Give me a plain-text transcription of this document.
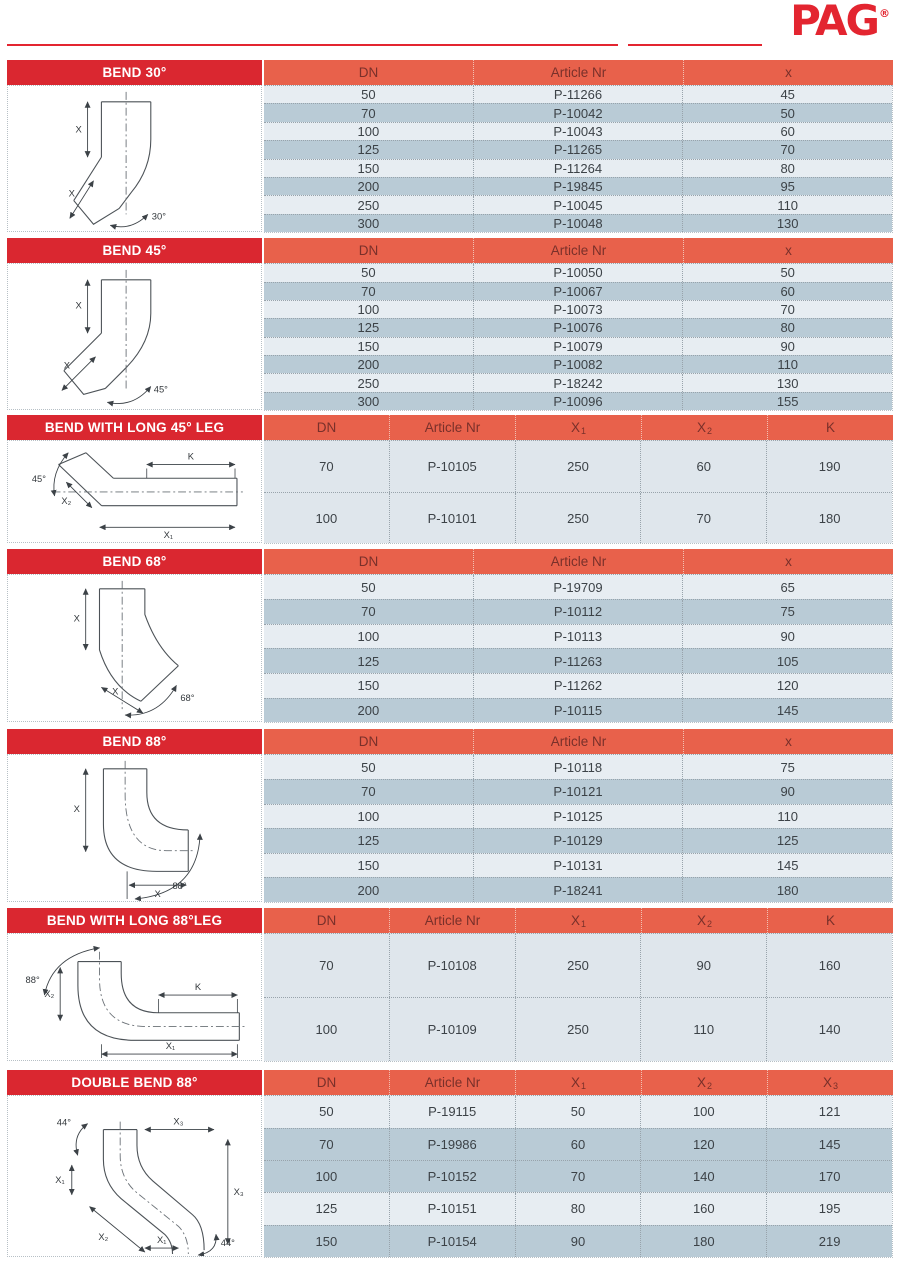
PAG®
BEND 30°	DN	Article Nr	x
X
X
30°
50	P-11266	45
70	P-10042	50
100	P-10043	60
125	P-11265	70
150	P-11264	80
200	P-19845	95
250	P-10045	110
300	P-10048	130
BEND 45°	DN	Article Nr	x
X
X
45°
50	P-10050	50
70	P-10067	60
100	P-10073	70
125	P-10076	80
150	P-10079	90
200	P-10082	110
250	P-18242	130
300	P-10096	155
BEND WITH LONG 45° LEG	DN	Article Nr	X 1	X 2	K
45°
X₂
X₁
K
70	P-10105	250	60	190
100	P-10101	250	70	180
BEND 68°	DN	Article Nr	x
X
X
68°
50	P-19709	65
70	P-10112	75
100	P-10113	90
125	P-11263	105
150	P-11262	120
200	P-10115	145
BEND 88°	DN	Article Nr	x
X
X
88°
50	P-10118	75
70	P-10121	90
100	P-10125	110
125	P-10129	125
150	P-10131	145
200	P-18241	180
BEND WITH LONG 88°LEG	DN	Article Nr	X 1	X 2	K
88°
X₂
K
X₁
70	P-10108	250	90	160
100	P-10109	250	110	140
DOUBLE BEND 88°	DN	Article Nr	X 1	X 2	X 3
44°	X₃
X₁
X₃
X₂	X₁	44°
50	P-19115	50	100	121
70	P-19986	60	120	145
100	P-10152	70	140	170
125	P-10151	80	160	195
150	P-10154	90	180	219
